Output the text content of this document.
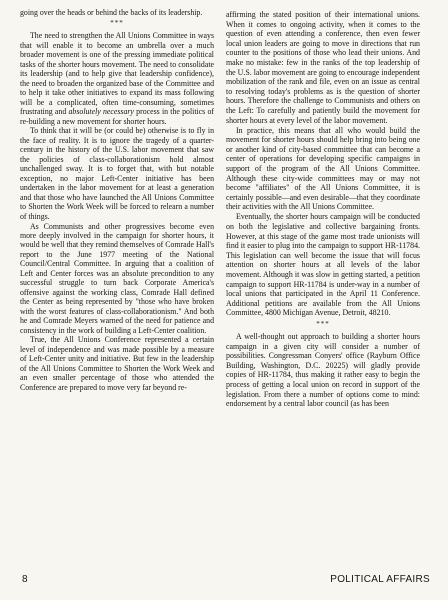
going over the heads or behind the backs of its leadership.

***

The need to strengthen the All Unions Committee in ways that will enable it to become an umbrella over a much broader movement is one of the pressing immediate political tasks of the shorter hours movement. The need to consolidate its leadership (and to help give that leadership confidence), the need to broaden the organized base of the Committee and to help it take other initiatives to expand its mass following will be a complicated, often time-consuming, sometimes frustrating and absolutely necessary process in the politics of re-building a new movement for shorter hours.

To think that it will be (or could be) otherwise is to fly in the face of reality. It is to ignore the tragedy of a quarter-century in the history of the U.S. labor movement that saw the policies of class-collaborationism hold almost unchallenged sway. It is to forget that, with but notable exception, no major Left-Center initiative has been undertaken in the labor movement for at least a generation and that those who have launched the All Unions Committee to Shorten the Work Week will be forced to relearn a number of things.

As Communists and other progressives become even more deeply involved in the campaign for shorter hours, it would be well that they remind themselves of Comrade Hall's report to the June 1977 meeting of the National Council/Central Committee. In arguing that a coalition of Left and Center forces was an absolute precondition to any successful struggle to turn back Corporate America's offensive against the working class, Comrade Hall defined the Center as being represented by "those who have broken with the worst features of class-collaborationism." And both he and Comrade Meyers warned of the need for patience and consistency in the work of building a Left-Center coalition.

True, the All Unions Conference represented a certain level of independence and was made possible by a measure of Left-Center unity and initiative. But few in the leadership of the All Unions Committee to Shorten the Work Week and an even smaller percentage of those who attended the Conference are prepared to move very far beyond re-

affirming the stated position of their international unions. When it comes to ongoing activity, when it comes to the question of even attending a conference, then even fewer local union leaders are going to move in directions that run counter to the positions of those who lead their unions. And make no mistake: few in the ranks of the top leadership of the U.S. labor movement are going to encourage independent mobilization of the rank and file, even on an issue as central to resolving today's problems as is the question of shorter hours. Therefore the challenge to Communists and others on the Left: To carefully and patiently build the movement for shorter hours at every level of the labor movement.

In practice, this means that all who would build the movement for shorter hours should help bring into being one or another kind of city-based committee that can become a center of operations for developing specific campaigns in support of the program of the All Unions Committee. Although these city-wide committees may or may not become "affiliates" of the All Unions Committee, it is certainly possible—and even desirable—that they coordinate their activities with the All Unions Committee.

Eventually, the shorter hours campaign will be conducted on both the legislative and collective bargaining fronts. However, at this stage of the game most trade unionists will find it easier to plug into the campaign to support HR-11784. This legislation can well become the issue that will focus attention on shorter hours at all levels of the labor movement. Although it was slow in getting started, a petition campaign to support HR-11784 is under-way in a number of local unions that participated in the April 11 Conference. Additional petitions are available from the All Unions Committee, 4800 Michigan Avenue, Detroit, 48210.

***

A well-thought out approach to building a shorter hours campaign in a given city will consider a number of possibilities. Congressman Conyers' office (Rayburn Office Building, Washington, D.C. 20225) will gladly provide copies of HR-11784, thus making it rather easy to begin the process of getting a local union on record in support of the legislation. From there a number of options come to mind: endorsement by a central labor council (as has been

8	POLITICAL AFFAIRS
